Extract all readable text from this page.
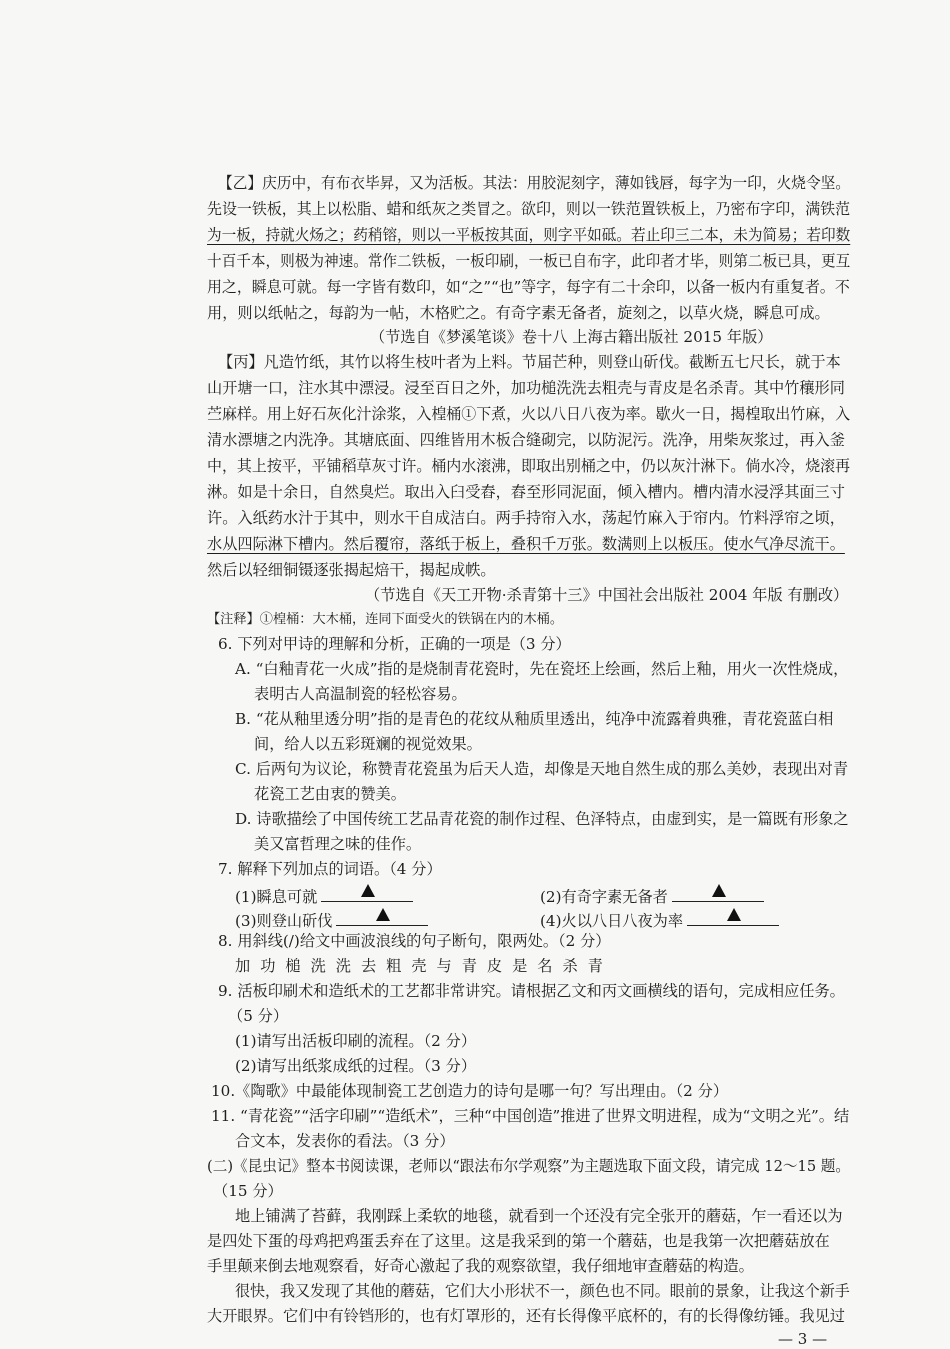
【乙】庆历中，有布衣毕昇，又为活板。其法：用胶泥刻字，薄如钱唇，每字为一印，火烧令坚。
先设一铁板，其上以松脂、蜡和纸灰之类冒之。欲印，则以一铁范置铁板上，乃密布字印，满铁范
为一板，持就火炀之；药稍镕，则以一平板按其面，则字平如砥。若止印三二本，未为简易；若印数
十百千本，则极为神速。常作二铁板，一板印刷，一板已自布字，此印者才毕，则第二板已具，更互
用之，瞬息可就。每一字皆有数印，如“之”“也”等字，每字有二十余印，以备一板内有重复者。不
用，则以纸帖之，每韵为一帖，木格贮之。有奇字素无备者，旋刻之，以草火烧，瞬息可成。
（节选自《梦溪笔谈》卷十八 上海古籍出版社 2015 年版）
【丙】凡造竹纸，其竹以将生枝叶者为上料。节届芒种，则登山斫伐。截断五七尺长，就于本
山开塘一口，注水其中漂浸。浸至百日之外，加功槌洗洗去粗壳与青皮是名杀青。其中竹穰形同
苎麻样。用上好石灰化汁涂浆，入楻桶①下煮，火以八日八夜为率。歇火一日，揭楻取出竹麻，入
清水漂塘之内洗净。其塘底面、四维皆用木板合缝砌完，以防泥污。洗净，用柴灰浆过，再入釜
中，其上按平，平铺稻草灰寸许。桶内水滚沸，即取出别桶之中，仍以灰汁淋下。倘水冷，烧滚再
淋。如是十余日，自然臭烂。取出入臼受舂，舂至形同泥面，倾入槽内。槽内清水浸浮其面三寸
许。入纸药水汁于其中，则水干自成洁白。两手持帘入水，荡起竹麻入于帘内。竹料浮帘之顷，
水从四际淋下槽内。然后覆帘，落纸于板上，叠积千万张。数满则上以板压。使水气净尽流干。
然后以轻细铜镊逐张揭起焙干，揭起成帙。
（节选自《天工开物·杀青第十三》中国社会出版社 2004 年版 有删改）
【注释】①楻桶：大木桶，连同下面受火的铁锅在内的木桶。
6. 下列对甲诗的理解和分析，正确的一项是（3 分）
A. “白釉青花一火成”指的是烧制青花瓷时，先在瓷坯上绘画，然后上釉，用火一次性烧成，
表明古人高温制瓷的轻松容易。
B. “花从釉里透分明”指的是青色的花纹从釉质里透出，纯净中流露着典雅，青花瓷蓝白相
间，给人以五彩斑斓的视觉效果。
C. 后两句为议论，称赞青花瓷虽为后天人造，却像是天地自然生成的那么美妙，表现出对青
花瓷工艺由衷的赞美。
D. 诗歌描绘了中国传统工艺品青花瓷的制作过程、色泽特点，由虚到实，是一篇既有形象之
美又富哲理之味的佳作。
7. 解释下列加点的词语。（4 分）
(1)瞬息可就	(2)有奇字素无备者
(3)则登山斫伐	(4)火以八日八夜为率
8. 用斜线(/)给文中画波浪线的句子断句，限两处。（2 分）
加功槌洗洗去粗壳与青皮是名杀青
9. 活板印刷术和造纸术的工艺都非常讲究。请根据乙文和丙文画横线的语句，完成相应任务。
（5 分）
(1)请写出活板印刷的流程。（2 分）
(2)请写出纸浆成纸的过程。（3 分）
10.《陶歌》中最能体现制瓷工艺创造力的诗句是哪一句？写出理由。（2 分）
11. “青花瓷”“活字印刷”“造纸术”，三种“中国创造”推进了世界文明进程，成为“文明之光”。结
合文本，发表你的看法。（3 分）
(二)《昆虫记》整本书阅读课，老师以“跟法布尔学观察”为主题选取下面文段，请完成 12～15 题。
（15 分）
地上铺满了苔藓，我刚踩上柔软的地毯，就看到一个还没有完全张开的蘑菇，乍一看还以为
是四处下蛋的母鸡把鸡蛋丢弃在了这里。这是我采到的第一个蘑菇，也是我第一次把蘑菇放在
手里颠来倒去地观察看，好奇心激起了我的观察欲望，我仔细地审查蘑菇的构造。
很快，我又发现了其他的蘑菇，它们大小形状不一，颜色也不同。眼前的景象，让我这个新手
大开眼界。它们中有铃铛形的，也有灯罩形的，还有长得像平底杯的，有的长得像纺锤。我见过
— 3 —
